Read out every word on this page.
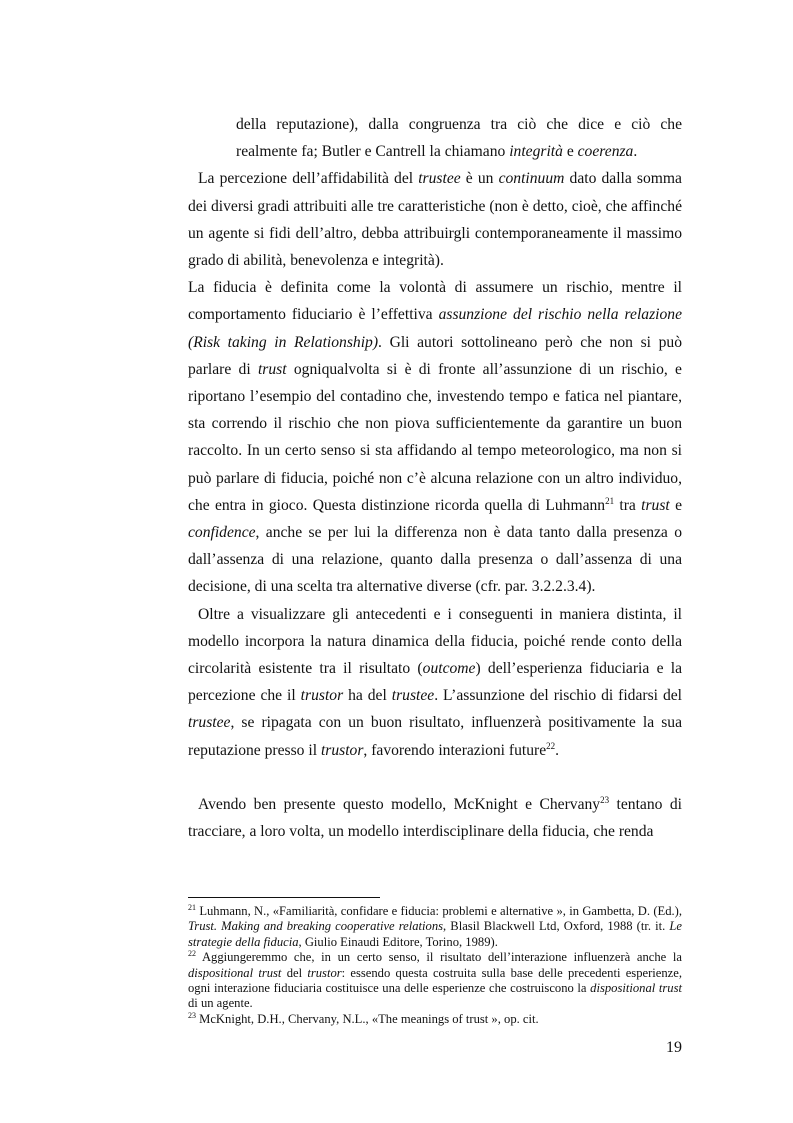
della reputazione), dalla congruenza tra ciò che dice e ciò che realmente fa; Butler e Cantrell la chiamano integrità e coerenza.

La percezione dell’affidabilità del trustee è un continuum dato dalla somma dei diversi gradi attribuiti alle tre caratteristiche (non è detto, cioè, che affinché un agente si fidi dell’altro, debba attribuirgli contemporaneamente il massimo grado di abilità, benevolenza e integrità).

La fiducia è definita come la volontà di assumere un rischio, mentre il comportamento fiduciario è l’effettiva assunzione del rischio nella relazione (Risk taking in Relationship). Gli autori sottolineano però che non si può parlare di trust ogniqualvolta si è di fronte all’assunzione di un rischio, e riportano l’esempio del contadino che, investendo tempo e fatica nel piantare, sta correndo il rischio che non piova sufficientemente da garantire un buon raccolto. In un certo senso si sta affidando al tempo meteorologico, ma non si può parlare di fiducia, poiché non c’è alcuna relazione con un altro individuo, che entra in gioco. Questa distinzione ricorda quella di Luhmann$^{21}$ tra trust e confidence, anche se per lui la differenza non è data tanto dalla presenza o dall’assenza di una relazione, quanto dalla presenza o dall’assenza di una decisione, di una scelta tra alternative diverse (cfr. par. 3.2.2.3.4).

Oltre a visualizzare gli antecedenti e i conseguenti in maniera distinta, il modello incorpora la natura dinamica della fiducia, poiché rende conto della circolarità esistente tra il risultato (outcome) dell’esperienza fiduciaria e la percezione che il trustor ha del trustee. L’assunzione del rischio di fidarsi del trustee, se ripagata con un buon risultato, influenzerà positivamente la sua reputazione presso il trustor, favorendo interazioni future$^{22}$.

Avendo ben presente questo modello, McKnight e Chervany$^{23}$ tentano di tracciare, a loro volta, un modello interdisciplinare della fiducia, che renda

$^{21}$ Luhmann, N., «Familiarità, confidare e fiducia: problemi e alternative », in Gambetta, D. (Ed.), Trust. Making and breaking cooperative relations, Blasil Blackwell Ltd, Oxford, 1988 (tr. it. Le strategie della fiducia, Giulio Einaudi Editore, Torino, 1989).

$^{22}$ Aggiungeremmo che, in un certo senso, il risultato dell’interazione influenzerà anche la dispositional trust del trustor: essendo questa costruita sulla base delle precedenti esperienze, ogni interazione fiduciaria costituisce una delle esperienze che costruiscono la dispositional trust di un agente.

$^{23}$ McKnight, D.H., Chervany, N.L., «The meanings of trust », op. cit.

19
